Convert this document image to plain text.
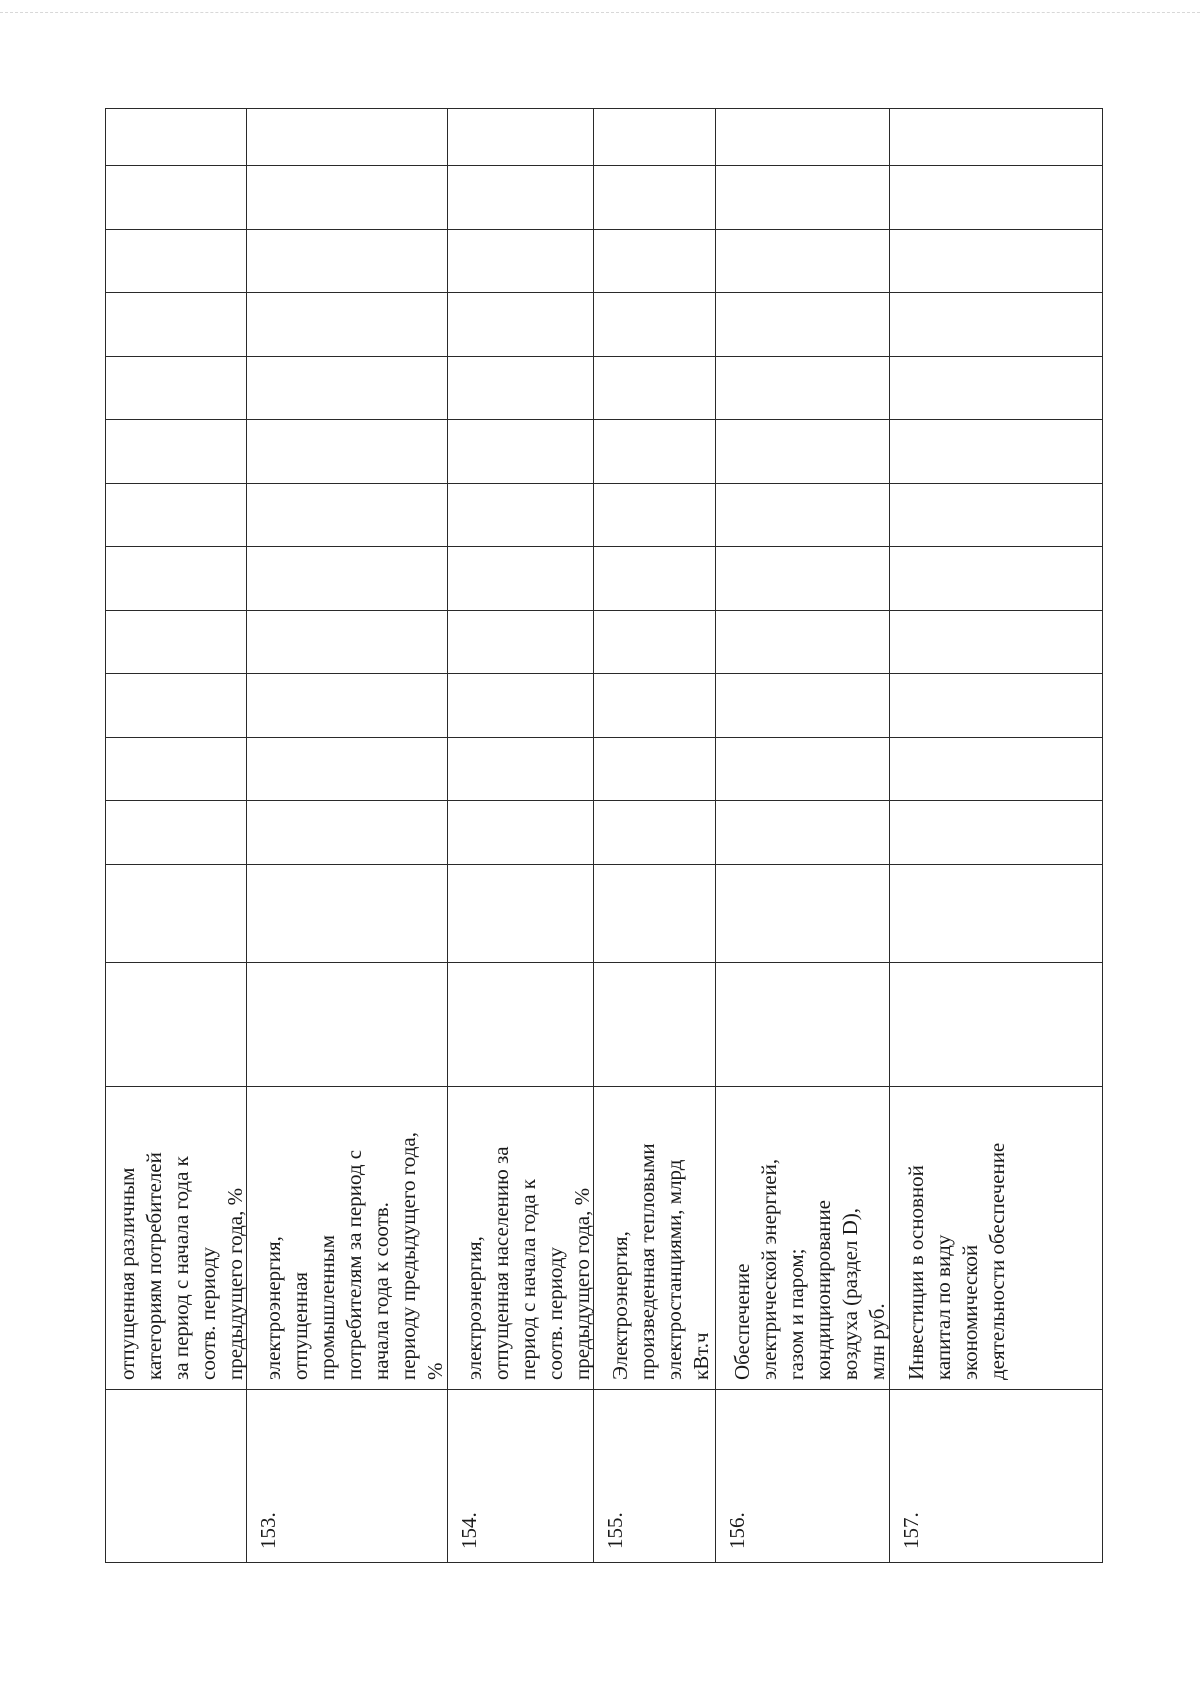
отпущенная различным категориям потребителей за период с начала года к соотв. периоду предыдущего года, %
153.
электроэнергия, отпущенная промышленным потребителям за период с начала года к соотв. периоду предыдущего года, %
154.
электроэнергия, отпущенная населению за период с начала года к соотв. периоду предыдущего года, %
155.
Электроэнергия, произведенная тепловыми электростанциями, млрд кВт.ч
156.
Обеспечение электрической энергией, газом и паром; кондиционирование воздуха (раздел D), млн руб.
157.
Инвестиции в основной капитал по виду экономической деятельности обеспечение
